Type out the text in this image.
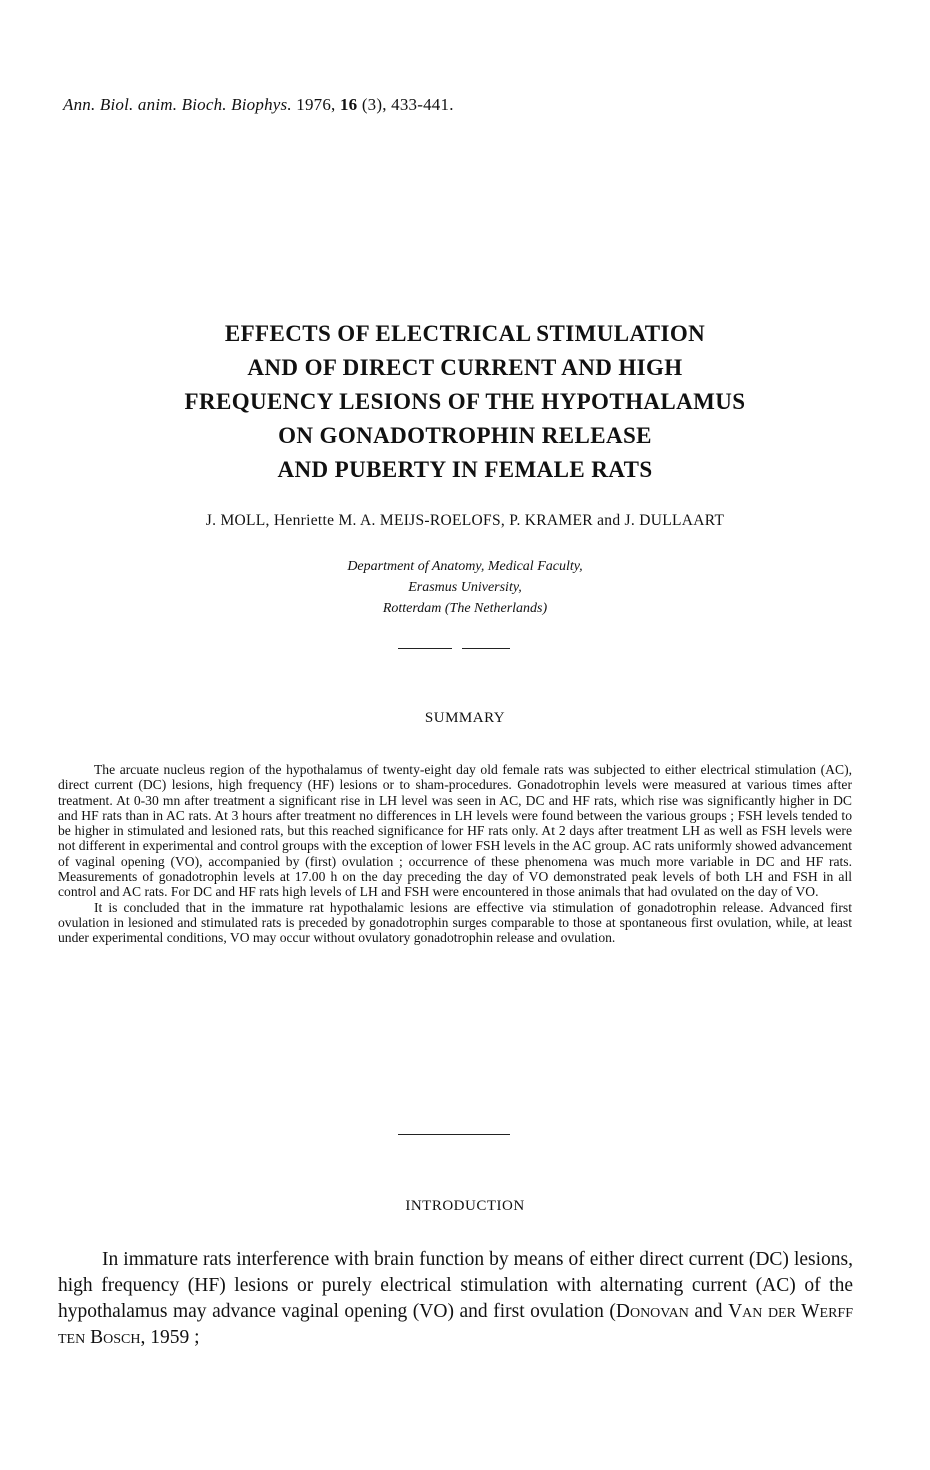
Ann. Biol. anim. Bioch. Biophys. 1976, 16 (3), 433-441.
EFFECTS OF ELECTRICAL STIMULATION
AND OF DIRECT CURRENT AND HIGH
FREQUENCY LESIONS OF THE HYPOTHALAMUS
ON GONADOTROPHIN RELEASE
AND PUBERTY IN FEMALE RATS
J. MOLL, Henriette M. A. MEIJS-ROELOFS, P. KRAMER and J. DULLAART
Department of Anatomy, Medical Faculty,
Erasmus University,
Rotterdam (The Netherlands)
SUMMARY

The arcuate nucleus region of the hypothalamus of twenty-eight day old female rats was subjected to either electrical stimulation (AC), direct current (DC) lesions, high frequency (HF) lesions or to sham-procedures. Gonadotrophin levels were measured at various times after treatment. At 0-30 mn after treatment a significant rise in LH level was seen in AC, DC and HF rats, which rise was significantly higher in DC and HF rats than in AC rats. At 3 hours after treatment no differences in LH levels were found between the various groups ; FSH levels tended to be higher in stimulated and lesioned rats, but this reached significance for HF rats only. At 2 days after treatment LH as well as FSH levels were not different in experimental and control groups with the exception of lower FSH levels in the AC group. AC rats uniformly showed advancement of vaginal opening (VO), accompanied by (first) ovulation ; occurrence of these phenomena was much more variable in DC and HF rats. Measurements of gonadotrophin levels at 17.00 h on the day preceding the day of VO demonstrated peak levels of both LH and FSH in all control and AC rats. For DC and HF rats high levels of LH and FSH were encountered in those animals that had ovulated on the day of VO.

It is concluded that in the immature rat hypothalamic lesions are effective via stimulation of gonadotrophin release. Advanced first ovulation in lesioned and stimulated rats is preceded by gonadotrophin surges comparable to those at spontaneous first ovulation, while, at least under experimental conditions, VO may occur without ovulatory gonadotrophin release and ovulation.

INTRODUCTION

In immature rats interference with brain function by means of either direct current (DC) lesions, high frequency (HF) lesions or purely electrical stimulation with alternating current (AC) of the hypothalamus may advance vaginal opening (VO) and first ovulation (Donovan and Van der Werff ten Bosch, 1959 ;
